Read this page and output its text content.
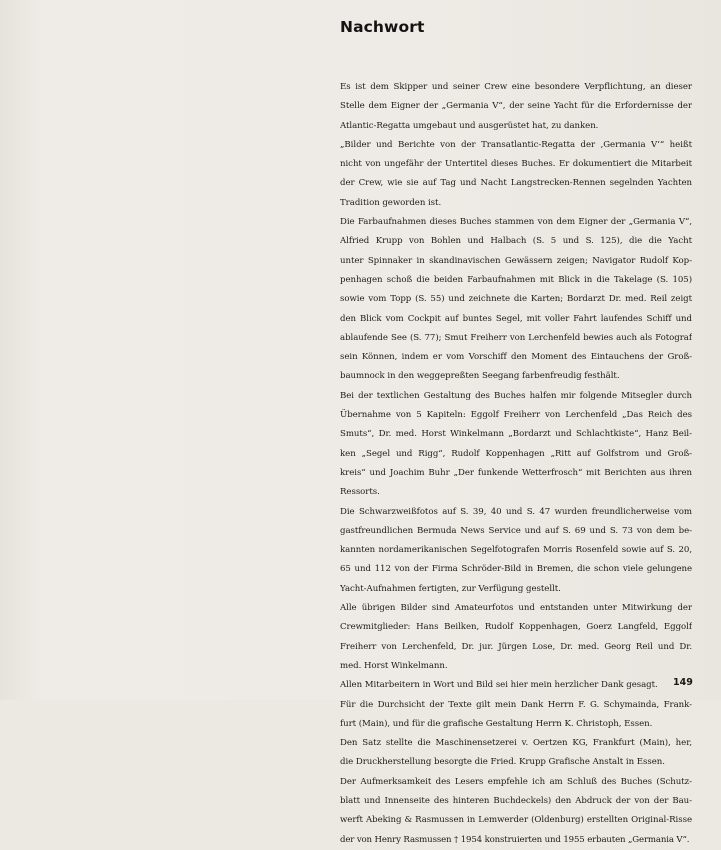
Nachwort
Es ist dem Skipper und seiner Crew eine besondere Verpflichtung, an dieser
Stelle dem Eigner der „Germania V“, der seine Yacht für die Erfordernisse der
Atlantic-Regatta umgebaut und ausgerüstet hat, zu danken.
„Bilder und Berichte von der Transatlantic-Regatta der ‚Germania V‘“ heißt
nicht von ungefähr der Untertitel dieses Buches. Er dokumentiert die Mitarbeit
der Crew, wie sie auf Tag und Nacht Langstrecken-Rennen segelnden Yachten
Tradition geworden ist.
Die Farbaufnahmen dieses Buches stammen von dem Eigner der „Germania V“,
Alfried Krupp von Bohlen und Halbach (S. 5 und S. 125), die die Yacht
unter Spinnaker in skandinavischen Gewässern zeigen; Navigator Rudolf Kop-
penhagen schoß die beiden Farbaufnahmen mit Blick in die Takelage (S. 105)
sowie vom Topp (S. 55) und zeichnete die Karten; Bordarzt Dr. med. Reil zeigt
den Blick vom Cockpit auf buntes Segel, mit voller Fahrt laufendes Schiff und
ablaufende See (S. 77); Smut Freiherr von Lerchenfeld bewies auch als Fotograf
sein Können, indem er vom Vorschiff den Moment des Eintauchens der Groß-
baumnock in den weggepreßten Seegang farbenfreudig festhält.
Bei der textlichen Gestaltung des Buches halfen mir folgende Mitsegler durch
Übernahme von 5 Kapiteln: Eggolf Freiherr von Lerchenfeld „Das Reich des
Smuts“, Dr. med. Horst Winkelmann „Bordarzt und Schlachtkiste“, Hanz Beil-
ken „Segel und Rigg“, Rudolf Koppenhagen „Ritt auf Golfstrom und Groß-
kreis“ und Joachim Buhr „Der funkende Wetterfrosch“ mit Berichten aus ihren
Ressorts.
Die Schwarzweißfotos auf S. 39, 40 und S. 47 wurden freundlicherweise vom
gastfreundlichen Bermuda News Service und auf S. 69 und S. 73 von dem be-
kannten nordamerikanischen Segelfotografen Morris Rosenfeld sowie auf S. 20,
65 und 112 von der Firma Schröder-Bild in Bremen, die schon viele gelungene
Yacht-Aufnahmen fertigten, zur Verfügung gestellt.
Alle übrigen Bilder sind Amateurfotos und entstanden unter Mitwirkung der
Crewmitglieder: Hans Beilken, Rudolf Koppenhagen, Goerz Langfeld, Eggolf
Freiherr von Lerchenfeld, Dr. jur. Jürgen Lose, Dr. med. Georg Reil und Dr.
med. Horst Winkelmann.
Allen Mitarbeitern in Wort und Bild sei hier mein herzlicher Dank gesagt.
Für die Durchsicht der Texte gilt mein Dank Herrn F. G. Schymainda, Frank-
furt (Main), und für die grafische Gestaltung Herrn K. Christoph, Essen.
Den Satz stellte die Maschinensetzerei v. Oertzen KG, Frankfurt (Main), her,
die Druckherstellung besorgte die Fried. Krupp Grafische Anstalt in Essen.
Der Aufmerksamkeit des Lesers empfehle ich am Schluß des Buches (Schutz-
blatt und Innenseite des hinteren Buchdeckels) den Abdruck der von der Bau-
werft Abeking & Rasmussen in Lemwerder (Oldenburg) erstellten Original-Risse
der von Henry Rasmussen † 1954 konstruierten und 1955 erbauten „Germania V“.
149
